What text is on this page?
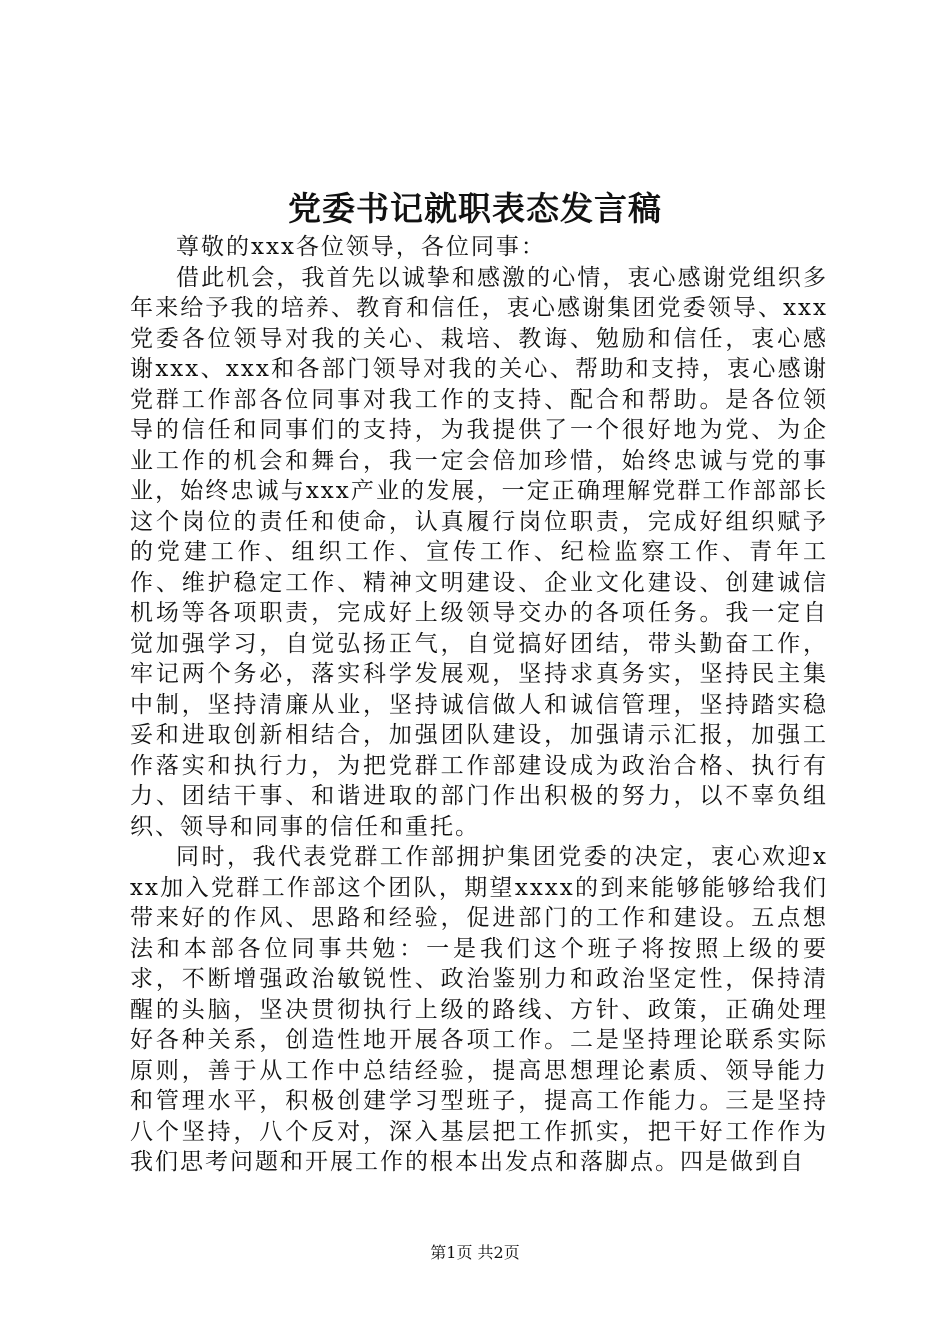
党委书记就职表态发言稿

尊敬的xxx各位领导，各位同事：

借此机会，我首先以诚挚和感激的心情，衷心感谢党组织多年来给予我的培养、教育和信任，衷心感谢集团党委领导、xxx党委各位领导对我的关心、栽培、教诲、勉励和信任，衷心感谢xxx、xxx和各部门领导对我的关心、帮助和支持，衷心感谢党群工作部各位同事对我工作的支持、配合和帮助。是各位领导的信任和同事们的支持，为我提供了一个很好地为党、为企业工作的机会和舞台，我一定会倍加珍惜，始终忠诚与党的事业，始终忠诚与xxx产业的发展，一定正确理解党群工作部部长这个岗位的责任和使命，认真履行岗位职责，完成好组织赋予的党建工作、组织工作、宣传工作、纪检监察工作、青年工作、维护稳定工作、精神文明建设、企业文化建设、创建诚信机场等各项职责，完成好上级领导交办的各项任务。我一定自觉加强学习，自觉弘扬正气，自觉搞好团结，带头勤奋工作，牢记两个务必，落实科学发展观，坚持求真务实，坚持民主集中制，坚持清廉从业，坚持诚信做人和诚信管理，坚持踏实稳妥和进取创新相结合，加强团队建设，加强请示汇报，加强工作落实和执行力，为把党群工作部建设成为政治合格、执行有力、团结干事、和谐进取的部门作出积极的努力，以不辜负组织、领导和同事的信任和重托。

同时，我代表党群工作部拥护集团党委的决定，衷心欢迎xxx加入党群工作部这个团队，期望xxxx的到来能够能够给我们带来好的作风、思路和经验，促进部门的工作和建设。五点想法和本部各位同事共勉：一是我们这个班子将按照上级的要求，不断增强政治敏锐性、政治鉴别力和政治坚定性，保持清醒的头脑，坚决贯彻执行上级的路线、方针、政策，正确处理好各种关系，创造性地开展各项工作。二是坚持理论联系实际原则，善于从工作中总结经验，提高思想理论素质、领导能力和管理水平，积极创建学习型班子，提高工作能力。三是坚持八个坚持，八个反对，深入基层把工作抓实，把干好工作作为我们思考问题和开展工作的根本出发点和落脚点。四是做到自

第1页 共2页
